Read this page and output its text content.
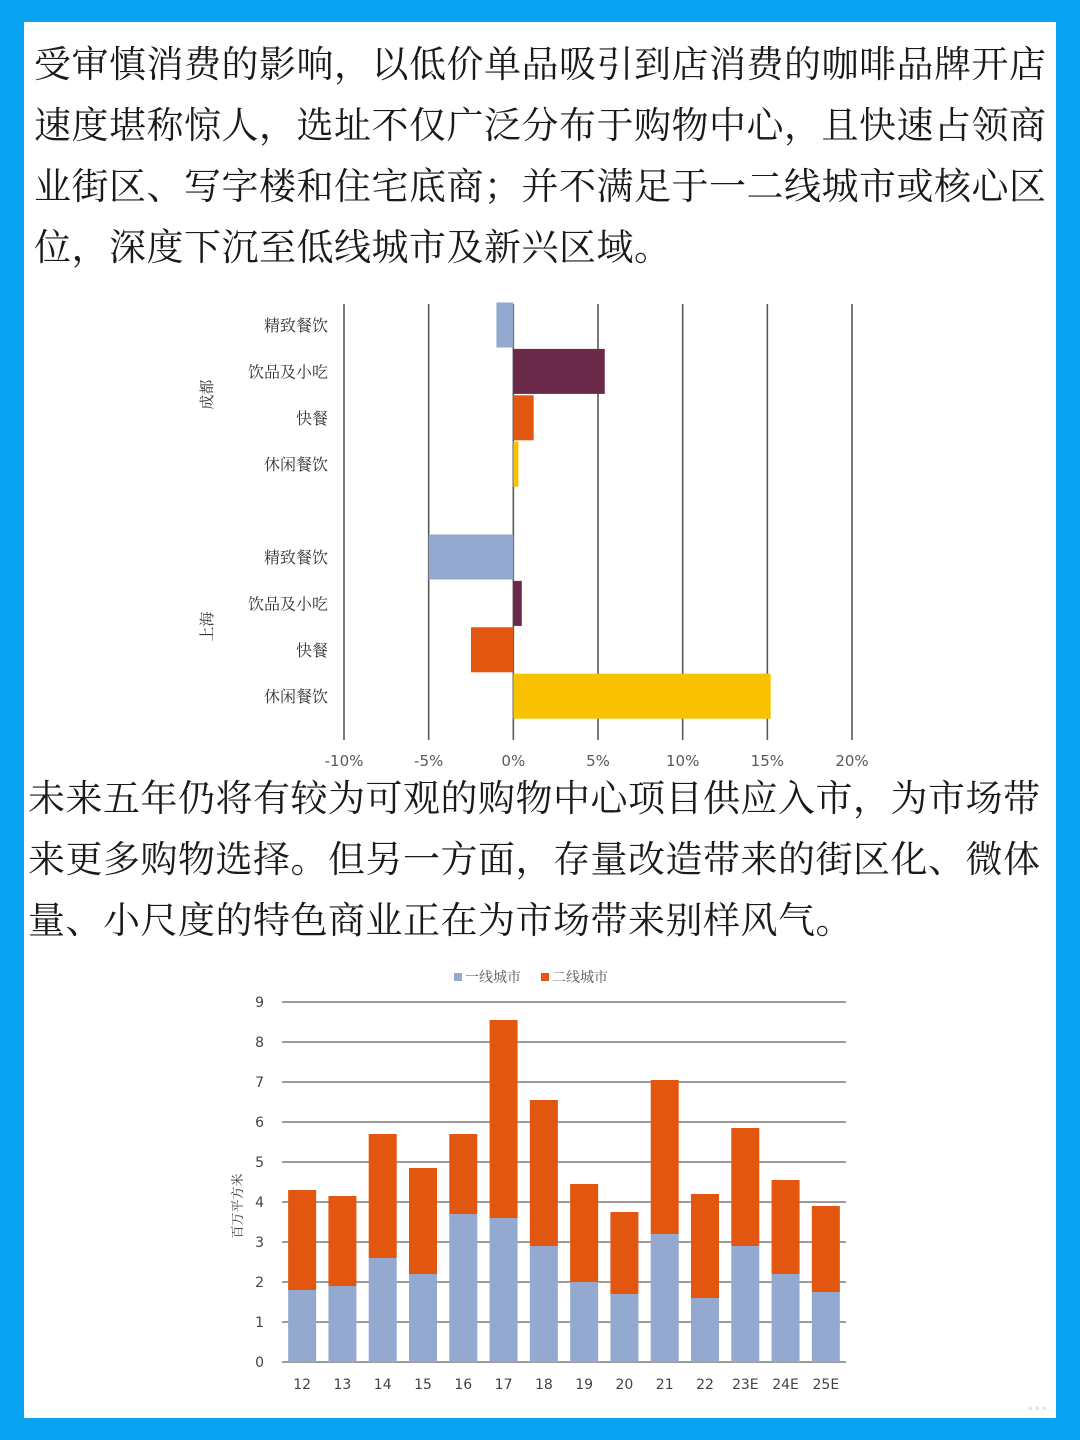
受审慎消费的影响，以低价单品吸引到店消费的咖啡品牌开店速度堪称惊人，选址不仅广泛分布于购物中心，且快速占领商业街区、写字楼和住宅底商；并不满足于一二线城市或核心区位，深度下沉至低线城市及新兴区域。

-10%	-5%	0%	5%	10%	15%	20%
精致餐饮
饮品及小吃
快餐
休闲餐饮
成都
精致餐饮
饮品及小吃
快餐
休闲餐饮
上海

未来五年仍将有较为可观的购物中心项目供应入市，为市场带来更多购物选择。但另一方面，存量改造带来的街区化、微体量、小尺度的特色商业正在为市场带来别样风气。

0
1
2
3
4
5
6
7
8
9
百万平方米
12 13 14 15 16 17 18 19 20 21 22 23E 24E 25E
一线城市 二线城市
•••
